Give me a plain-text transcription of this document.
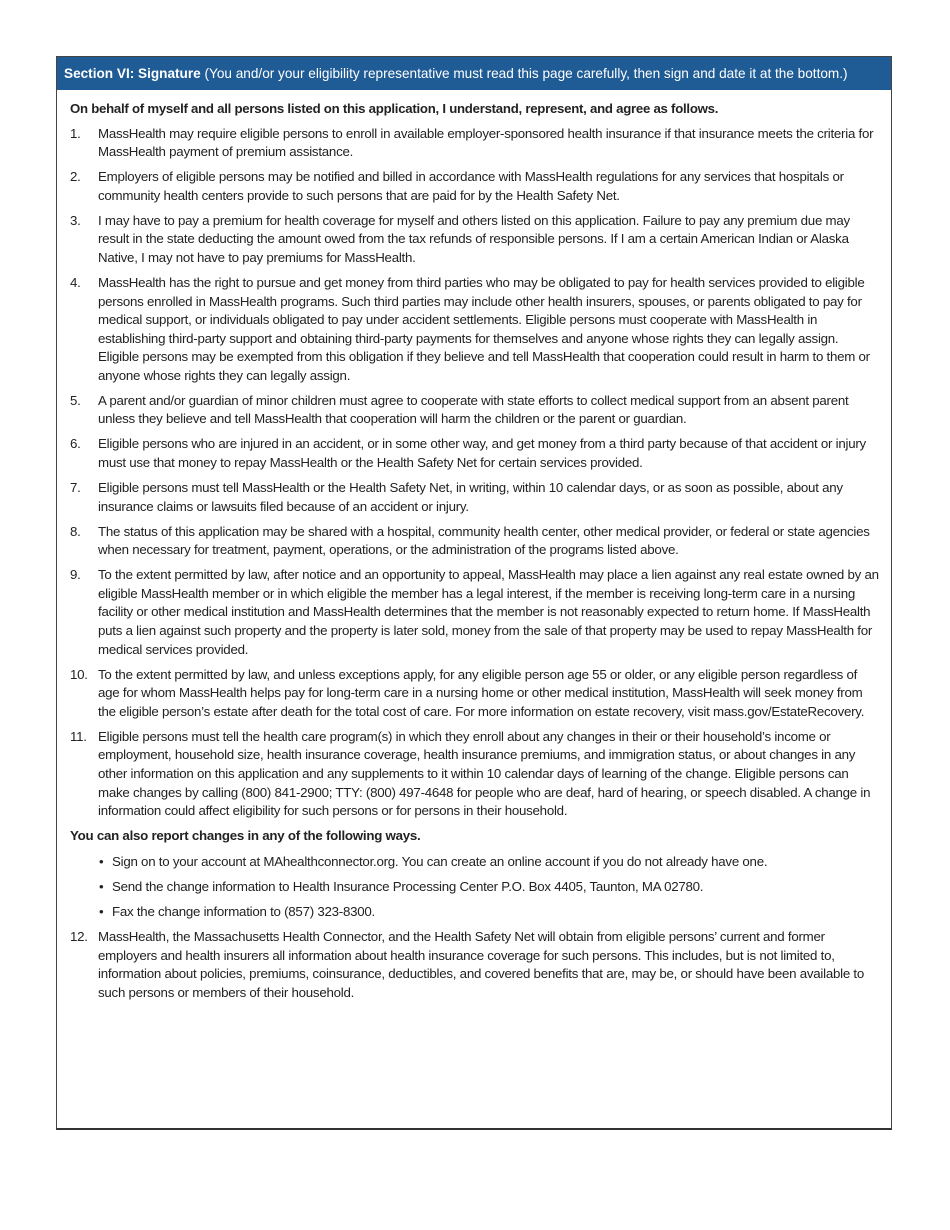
Section VI: Signature (You and/or your eligibility representative must read this page carefully, then sign and date it at the bottom.)

On behalf of myself and all persons listed on this application, I understand, represent, and agree as follows.

1.	MassHealth may require eligible persons to enroll in available employer-sponsored health insurance if that insurance meets the criteria for MassHealth payment of premium assistance.
2.	Employers of eligible persons may be notified and billed in accordance with MassHealth regulations for any services that hospitals or community health centers provide to such persons that are paid for by the Health Safety Net.
3.	I may have to pay a premium for health coverage for myself and others listed on this application. Failure to pay any premium due may result in the state deducting the amount owed from the tax refunds of responsible persons. If I am a certain American Indian or Alaska Native, I may not have to pay premiums for MassHealth.
4.	MassHealth has the right to pursue and get money from third parties who may be obligated to pay for health services provided to eligible persons enrolled in MassHealth programs. Such third parties may include other health insurers, spouses, or parents obligated to pay for medical support, or individuals obligated to pay under accident settlements. Eligible persons must cooperate with MassHealth in establishing third-party support and obtaining third-party payments for themselves and anyone whose rights they can legally assign. Eligible persons may be exempted from this obligation if they believe and tell MassHealth that cooperation could result in harm to them or anyone whose rights they can legally assign.
5.	A parent and/or guardian of minor children must agree to cooperate with state efforts to collect medical support from an absent parent unless they believe and tell MassHealth that cooperation will harm the children or the parent or guardian.
6.	Eligible persons who are injured in an accident, or in some other way, and get money from a third party because of that accident or injury must use that money to repay MassHealth or the Health Safety Net for certain services provided.
7.	Eligible persons must tell MassHealth or the Health Safety Net, in writing, within 10 calendar days, or as soon as possible, about any insurance claims or lawsuits filed because of an accident or injury.
8.	The status of this application may be shared with a hospital, community health center, other medical provider, or federal or state agencies when necessary for treatment, payment, operations, or the administration of the programs listed above.
9.	To the extent permitted by law, after notice and an opportunity to appeal, MassHealth may place a lien against any real estate owned by an eligible MassHealth member or in which eligible the member has a legal interest, if the member is receiving long-term care in a nursing facility or other medical institution and MassHealth determines that the member is not reasonably expected to return home. If MassHealth puts a lien against such property and the property is later sold, money from the sale of that property may be used to repay MassHealth for medical services provided.
10. To the extent permitted by law, and unless exceptions apply, for any eligible person age 55 or older, or any eligible person regardless of age for whom MassHealth helps pay for long-term care in a nursing home or other medical institution, MassHealth will seek money from the eligible person’s estate after death for the total cost of care. For more information on estate recovery, visit mass.gov/EstateRecovery.
11. Eligible persons must tell the health care program(s) in which they enroll about any changes in their or their household’s income or employment, household size, health insurance coverage, health insurance premiums, and immigration status, or about changes in any other information on this application and any supplements to it within 10 calendar days of learning of the change. Eligible persons can make changes by calling (800) 841-2900; TTY: (800) 497-4648 for people who are deaf, hard of hearing, or speech disabled. A change in information could affect eligibility for such persons or for persons in their household.

You can also report changes in any of the following ways.

• Sign on to your account at MAhealthconnector.org. You can create an online account if you do not already have one.
• Send the change information to Health Insurance Processing Center P.O. Box 4405, Taunton, MA 02780.
• Fax the change information to (857) 323-8300.
12. MassHealth, the Massachusetts Health Connector, and the Health Safety Net will obtain from eligible persons’ current and former employers and health insurers all information about health insurance coverage for such persons. This includes, but is not limited to, information about policies, premiums, coinsurance, deductibles, and covered benefits that are, may be, or should have been available to such persons or members of their household.
